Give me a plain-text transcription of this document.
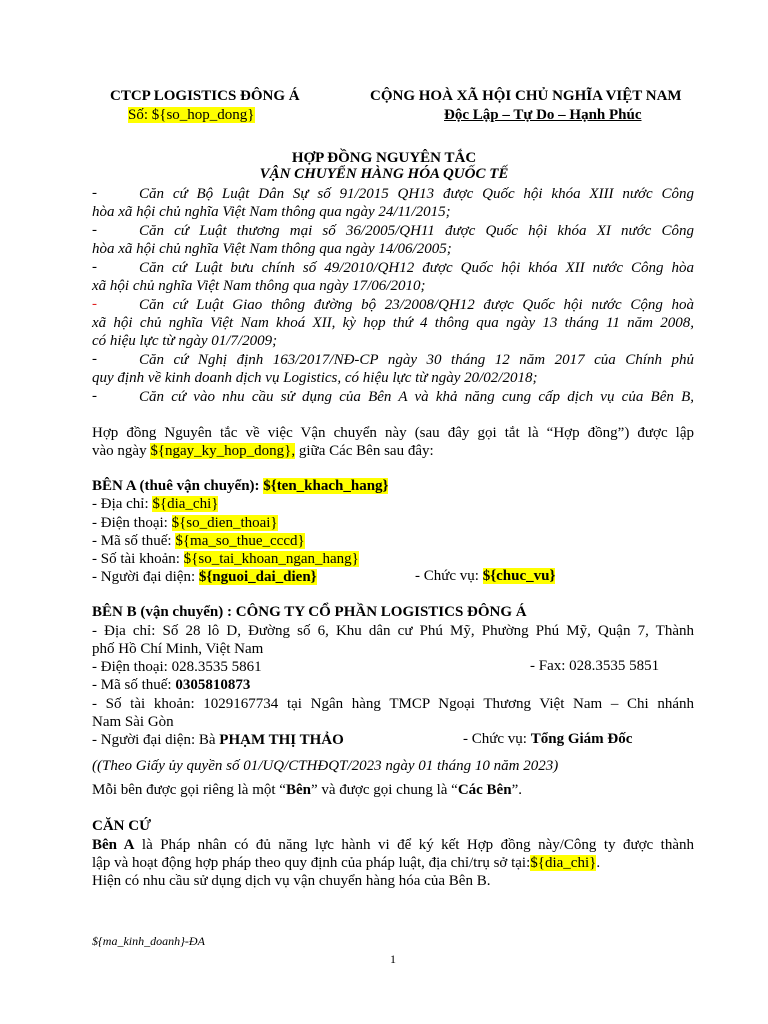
CTCP LOGISTICS ĐÔNG Á
Số: ${so_hop_dong}
CỘNG HOÀ XÃ HỘI CHỦ NGHĨA VIỆT NAM
Độc Lập – Tự Do – Hạnh Phúc
HỢP ĐỒNG NGUYÊN TẮC
VẬN CHUYỂN HÀNG HÓA QUỐC TẾ
-	Căn cứ Bộ Luật Dân Sự số 91/2015 QH13 được Quốc hội khóa XIII nước Công
hòa xã hội chủ nghĩa Việt Nam thông qua ngày 24/11/2015;
-	Căn cứ Luật thương mại số 36/2005/QH11 được Quốc hội khóa XI nước Công
hòa xã hội chủ nghĩa Việt Nam thông qua ngày 14/06/2005;
-	Căn cứ Luật bưu chính số 49/2010/QH12 được Quốc hội khóa XII nước Công hòa
xã hội chủ nghĩa Việt Nam thông qua ngày 17/06/2010;
-	Căn cứ Luật Giao thông đường bộ 23/2008/QH12 được Quốc hội nước Cộng hoà
xã hội chủ nghĩa Việt Nam khoá XII, kỳ họp thứ 4 thông qua ngày 13 tháng 11 năm 2008,
có hiệu lực từ ngày 01/7/2009;
-	Căn cứ Nghị định 163/2017/NĐ-CP ngày 30 tháng 12 năm 2017 của Chính phủ
quy định về kinh doanh dịch vụ Logistics, có hiệu lực từ ngày 20/02/2018;
-	Căn cứ vào nhu cầu sử dụng của Bên A và khả năng cung cấp dịch vụ của Bên B,
Hợp đồng Nguyên tắc về việc Vận chuyển này (sau đây gọi tắt là “Hợp đồng”) được lập
vào ngày ${ngay_ky_hop_dong}, giữa Các Bên sau đây:
BÊN A (thuê vận chuyển): ${ten_khach_hang}
- Địa chỉ: ${dia_chi}
- Điện thoại: ${so_dien_thoai}
- Mã số thuế: ${ma_so_thue_cccd}
- Số tài khoản: ${so_tai_khoan_ngan_hang}
- Người đại diện: ${nguoi_dai_dien}	- Chức vụ: ${chuc_vu}
BÊN B (vận chuyển) : CÔNG TY CỔ PHẦN LOGISTICS ĐÔNG Á
- Địa chỉ: Số 28 lô D, Đường số 6, Khu dân cư Phú Mỹ, Phường Phú Mỹ, Quận 7, Thành
phố Hồ Chí Minh, Việt Nam
- Điện thoại: 028.3535 5861	- Fax: 028.3535 5851
- Mã số thuế: 0305810873
- Số tài khoản: 1029167734 tại Ngân hàng TMCP Ngoại Thương Việt Nam – Chi nhánh
Nam Sài Gòn
- Người đại diện: Bà PHẠM THỊ THẢO	- Chức vụ: Tổng Giám Đốc
((Theo Giấy ủy quyền số 01/UQ/CTHĐQT/2023 ngày 01 tháng 10 năm 2023)
Mỗi bên được gọi riêng là một “Bên” và được gọi chung là “Các Bên”.
CĂN CỨ
Bên A là Pháp nhân có đủ năng lực hành vi để ký kết Hợp đồng này/Công ty được thành
lập và hoạt động hợp pháp theo quy định của pháp luật, địa chỉ/trụ sở tại:${dia_chi}.
Hiện có nhu cầu sử dụng dịch vụ vận chuyển hàng hóa của Bên B.
${ma_kinh_doanh}-ĐA
1
